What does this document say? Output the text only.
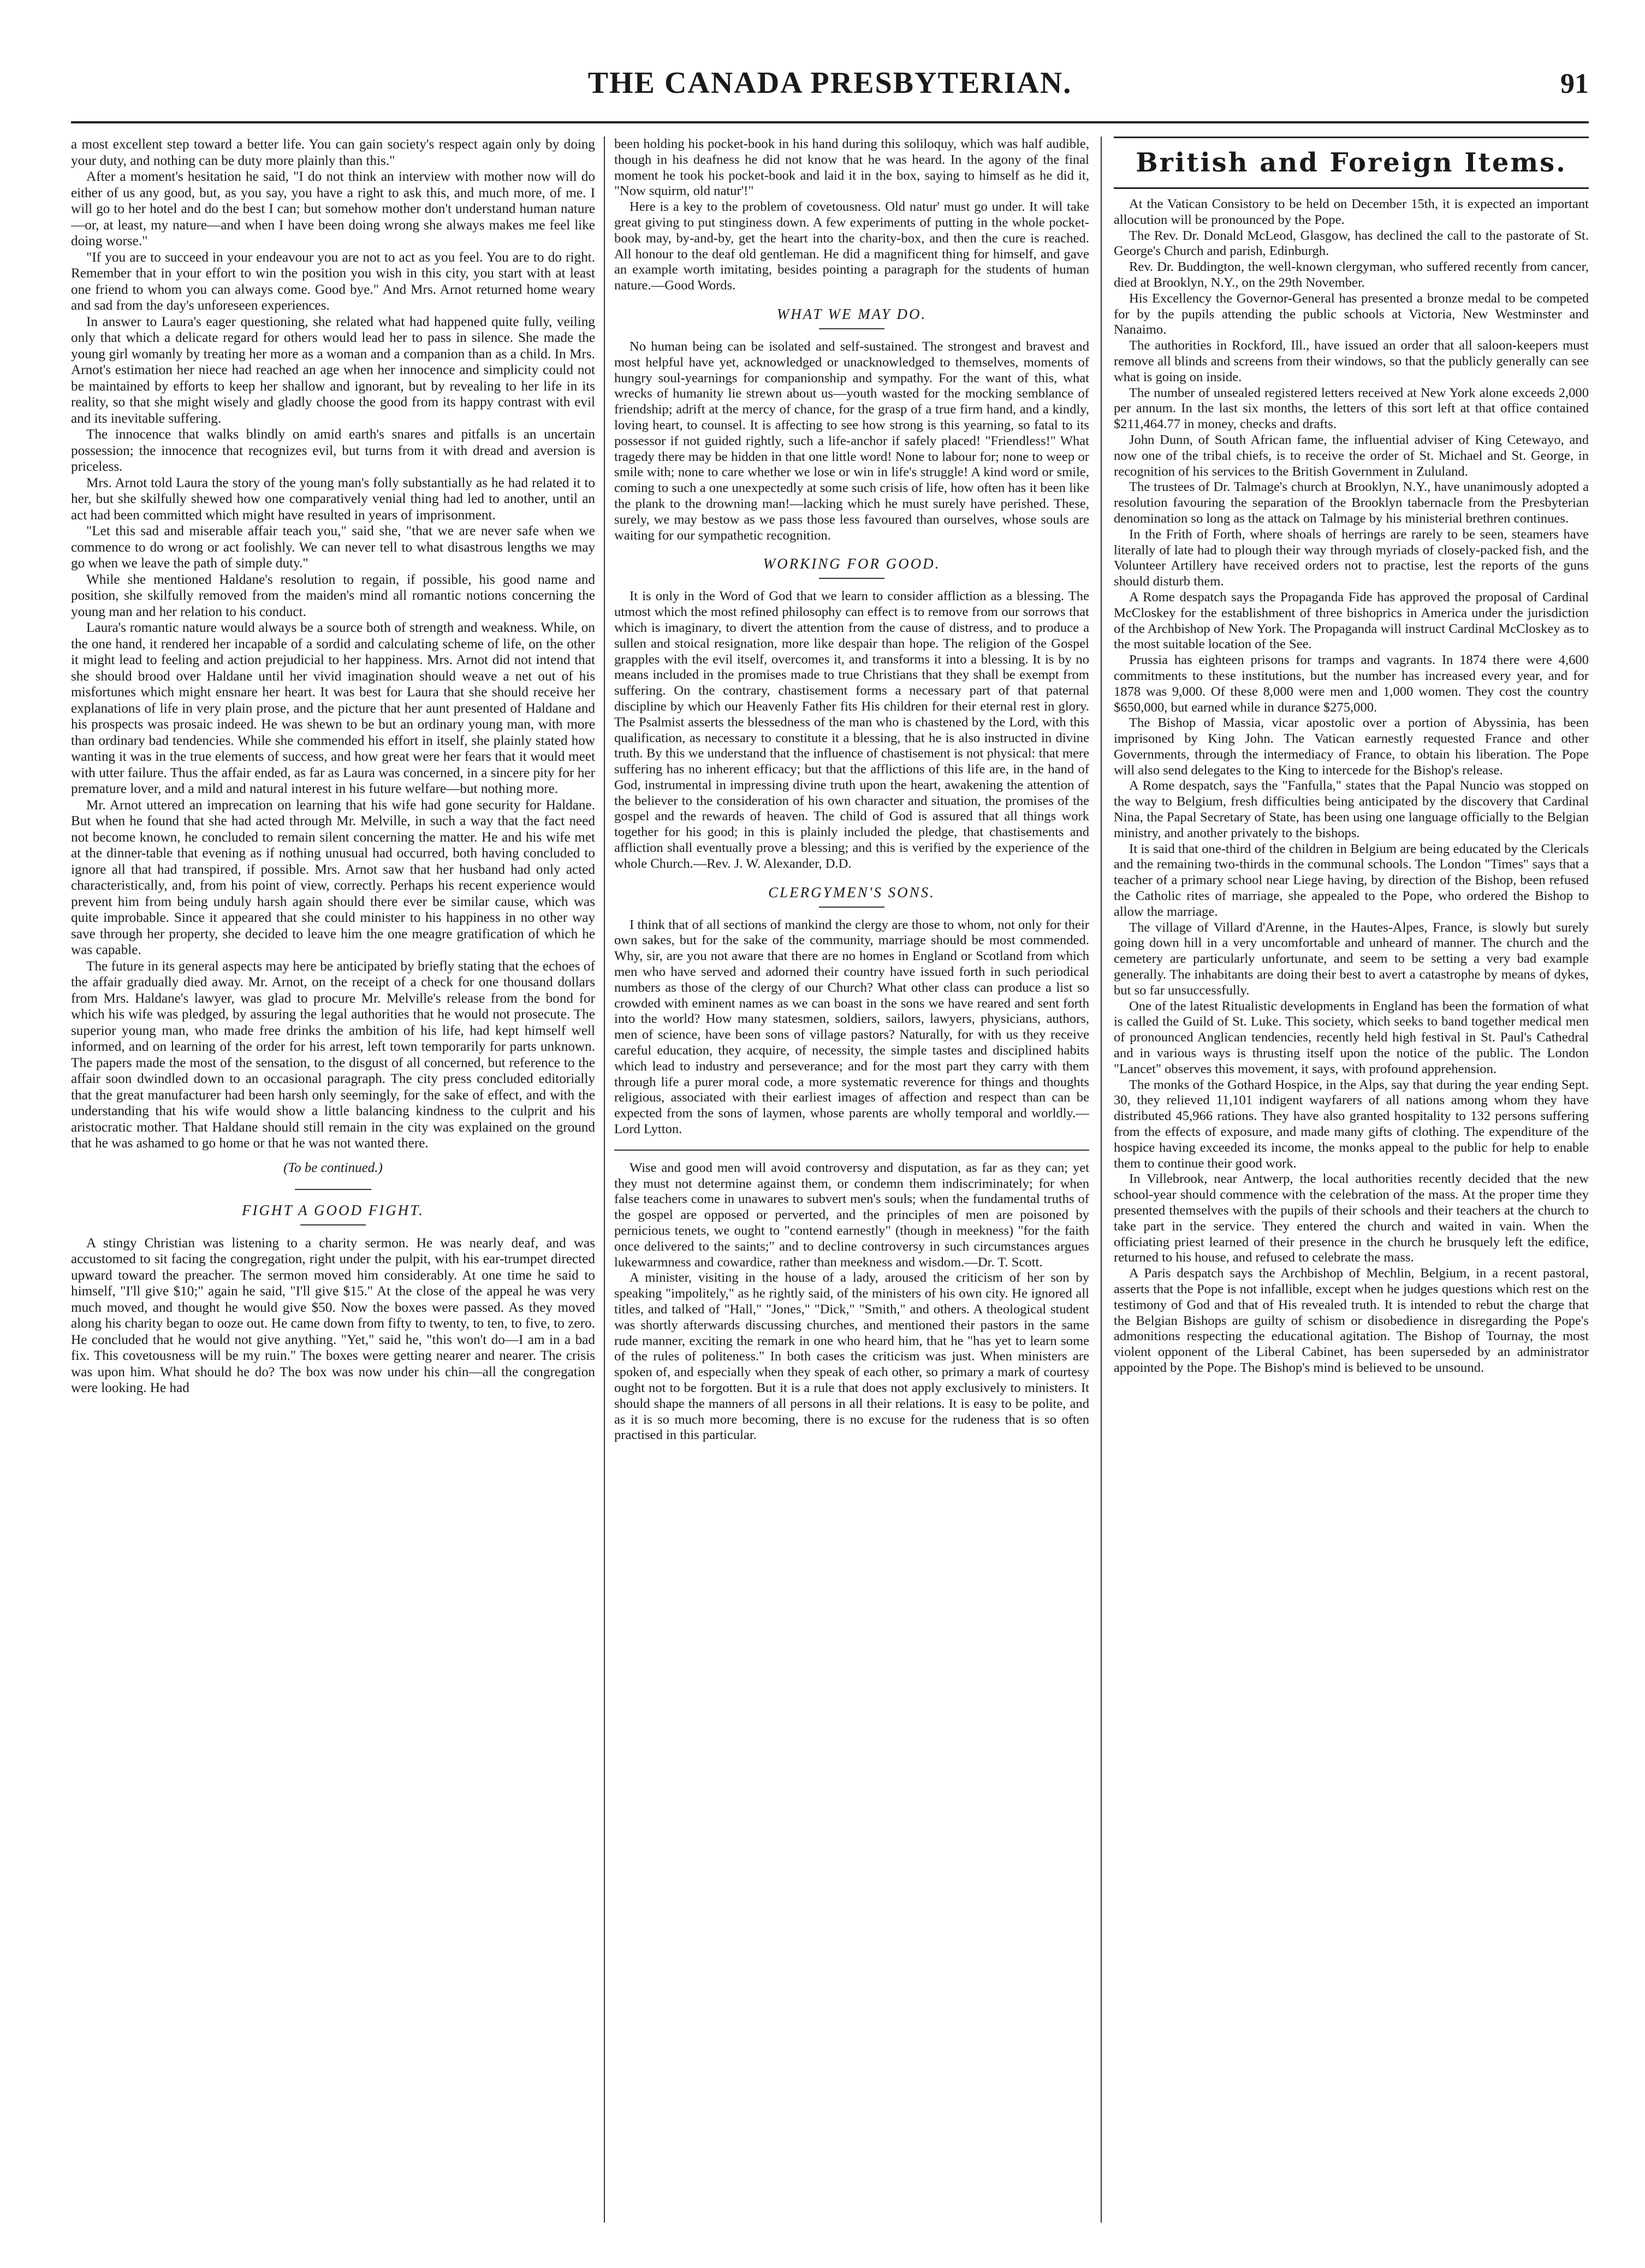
THE CANADA PRESBYTERIAN.	91

a most excellent step toward a better life. You can gain society's respect again only by doing your duty, and nothing can be duty more plainly than this."

After a moment's hesitation he said, "I do not think an interview with mother now will do either of us any good, but, as you say, you have a right to ask this, and much more, of me. I will go to her hotel and do the best I can; but somehow mother don't understand human nature—or, at least, my nature—and when I have been doing wrong she always makes me feel like doing worse."

"If you are to succeed in your endeavour you are not to act as you feel. You are to do right. Remember that in your effort to win the position you wish in this city, you start with at least one friend to whom you can always come. Good bye." And Mrs. Arnot returned home weary and sad from the day's unforeseen experiences.

In answer to Laura's eager questioning, she related what had happened quite fully, veiling only that which a delicate regard for others would lead her to pass in silence. She made the young girl womanly by treating her more as a woman and a companion than as a child. In Mrs. Arnot's estimation her niece had reached an age when her innocence and simplicity could not be maintained by efforts to keep her shallow and ignorant, but by revealing to her life in its reality, so that she might wisely and gladly choose the good from its happy contrast with evil and its inevitable suffering.

The innocence that walks blindly on amid earth's snares and pitfalls is an uncertain possession; the innocence that recognizes evil, but turns from it with dread and aversion is priceless.

Mrs. Arnot told Laura the story of the young man's folly substantially as he had related it to her, but she skilfully shewed how one comparatively venial thing had led to another, until an act had been committed which might have resulted in years of imprisonment.

"Let this sad and miserable affair teach you," said she, "that we are never safe when we commence to do wrong or act foolishly. We can never tell to what disastrous lengths we may go when we leave the path of simple duty."

While she mentioned Haldane's resolution to regain, if possible, his good name and position, she skilfully removed from the maiden's mind all romantic notions concerning the young man and her relation to his conduct.

Laura's romantic nature would always be a source both of strength and weakness. While, on the one hand, it rendered her incapable of a sordid and calculating scheme of life, on the other it might lead to feeling and action prejudicial to her happiness. Mrs. Arnot did not intend that she should brood over Haldane until her vivid imagination should weave a net out of his misfortunes which might ensnare her heart. It was best for Laura that she should receive her explanations of life in very plain prose, and the picture that her aunt presented of Haldane and his prospects was prosaic indeed. He was shewn to be but an ordinary young man, with more than ordinary bad tendencies. While she commended his effort in itself, she plainly stated how wanting it was in the true elements of success, and how great were her fears that it would meet with utter failure. Thus the affair ended, as far as Laura was concerned, in a sincere pity for her premature lover, and a mild and natural interest in his future welfare—but nothing more.

Mr. Arnot uttered an imprecation on learning that his wife had gone security for Haldane. But when he found that she had acted through Mr. Melville, in such a way that the fact need not become known, he concluded to remain silent concerning the matter. He and his wife met at the dinner-table that evening as if nothing unusual had occurred, both having concluded to ignore all that had transpired, if possible. Mrs. Arnot saw that her husband had only acted characteristically, and, from his point of view, correctly. Perhaps his recent experience would prevent him from being unduly harsh again should there ever be similar cause, which was quite improbable. Since it appeared that she could minister to his happiness in no other way save through her property, she decided to leave him the one meagre gratification of which he was capable.

The future in its general aspects may here be anticipated by briefly stating that the echoes of the affair gradually died away. Mr. Arnot, on the receipt of a check for one thousand dollars from Mrs. Haldane's lawyer, was glad to procure Mr. Melville's release from the bond for which his wife was pledged, by assuring the legal authorities that he would not prosecute. The superior young man, who made free drinks the ambition of his life, had kept himself well informed, and on learning of the order for his arrest, left town temporarily for parts unknown. The papers made the most of the sensation, to the disgust of all concerned, but reference to the affair soon dwindled down to an occasional paragraph. The city press concluded editorially that the great manufacturer had been harsh only seemingly, for the sake of effect, and with the understanding that his wife would show a little balancing kindness to the culprit and his aristocratic mother. That Haldane should still remain in the city was explained on the ground that he was ashamed to go home or that he was not wanted there.

(To be continued.)
FIGHT A GOOD FIGHT.

A stingy Christian was listening to a charity sermon. He was nearly deaf, and was accustomed to sit facing the congregation, right under the pulpit, with his ear-trumpet directed upward toward the preacher. The sermon moved him considerably. At one time he said to himself, "I'll give $10;" again he said, "I'll give $15." At the close of the appeal he was very much moved, and thought he would give $50. Now the boxes were passed. As they moved along his charity began to ooze out. He came down from fifty to twenty, to ten, to five, to zero. He concluded that he would not give anything. "Yet," said he, "this won't do—I am in a bad fix. This covetousness will be my ruin." The boxes were getting nearer and nearer. The crisis was upon him. What should he do? The box was now under his chin—all the congregation were looking. He had

been holding his pocket-book in his hand during this soliloquy, which was half audible, though in his deafness he did not know that he was heard. In the agony of the final moment he took his pocket-book and laid it in the box, saying to himself as he did it, "Now squirm, old natur'!"

Here is a key to the problem of covetousness. Old natur' must go under. It will take great giving to put stinginess down. A few experiments of putting in the whole pocket-book may, by-and-by, get the heart into the charity-box, and then the cure is reached. All honour to the deaf old gentleman. He did a magnificent thing for himself, and gave an example worth imitating, besides pointing a paragraph for the students of human nature.—Good Words.

WHAT WE MAY DO.

No human being can be isolated and self-sustained. The strongest and bravest and most helpful have yet, acknowledged or unacknowledged to themselves, moments of hungry soul-yearnings for companionship and sympathy. For the want of this, what wrecks of humanity lie strewn about us—youth wasted for the mocking semblance of friendship; adrift at the mercy of chance, for the grasp of a true firm hand, and a kindly, loving heart, to counsel. It is affecting to see how strong is this yearning, so fatal to its possessor if not guided rightly, such a life-anchor if safely placed! "Friendless!" What tragedy there may be hidden in that one little word! None to labour for; none to weep or smile with; none to care whether we lose or win in life's struggle! A kind word or smile, coming to such a one unexpectedly at some such crisis of life, how often has it been like the plank to the drowning man!—lacking which he must surely have perished. These, surely, we may bestow as we pass those less favoured than ourselves, whose souls are waiting for our sympathetic recognition.

WORKING FOR GOOD.

It is only in the Word of God that we learn to consider affliction as a blessing. The utmost which the most refined philosophy can effect is to remove from our sorrows that which is imaginary, to divert the attention from the cause of distress, and to produce a sullen and stoical resignation, more like despair than hope. The religion of the Gospel grapples with the evil itself, overcomes it, and transforms it into a blessing. It is by no means included in the promises made to true Christians that they shall be exempt from suffering. On the contrary, chastisement forms a necessary part of that paternal discipline by which our Heavenly Father fits His children for their eternal rest in glory. The Psalmist asserts the blessedness of the man who is chastened by the Lord, with this qualification, as necessary to constitute it a blessing, that he is also instructed in divine truth. By this we understand that the influence of chastisement is not physical: that mere suffering has no inherent efficacy; but that the afflictions of this life are, in the hand of God, instrumental in impressing divine truth upon the heart, awakening the attention of the believer to the consideration of his own character and situation, the promises of the gospel and the rewards of heaven. The child of God is assured that all things work together for his good; in this is plainly included the pledge, that chastisements and affliction shall eventually prove a blessing; and this is verified by the experience of the whole Church.—Rev. J. W. Alexander, D.D.

CLERGYMEN'S SONS.

I think that of all sections of mankind the clergy are those to whom, not only for their own sakes, but for the sake of the community, marriage should be most commended. Why, sir, are you not aware that there are no homes in England or Scotland from which men who have served and adorned their country have issued forth in such periodical numbers as those of the clergy of our Church? What other class can produce a list so crowded with eminent names as we can boast in the sons we have reared and sent forth into the world? How many statesmen, soldiers, sailors, lawyers, physicians, authors, men of science, have been sons of village pastors? Naturally, for with us they receive careful education, they acquire, of necessity, the simple tastes and disciplined habits which lead to industry and perseverance; and for the most part they carry with them through life a purer moral code, a more systematic reverence for things and thoughts religious, associated with their earliest images of affection and respect than can be expected from the sons of laymen, whose parents are wholly temporal and worldly.—Lord Lytton.

Wise and good men will avoid controversy and disputation, as far as they can; yet they must not determine against them, or condemn them indiscriminately; for when false teachers come in unawares to subvert men's souls; when the fundamental truths of the gospel are opposed or perverted, and the principles of men are poisoned by pernicious tenets, we ought to "contend earnestly" (though in meekness) "for the faith once delivered to the saints;" and to decline controversy in such circumstances argues lukewarmness and cowardice, rather than meekness and wisdom.—Dr. T. Scott.

A minister, visiting in the house of a lady, aroused the criticism of her son by speaking "impolitely," as he rightly said, of the ministers of his own city. He ignored all titles, and talked of "Hall," "Jones," "Dick," "Smith," and others. A theological student was shortly afterwards discussing churches, and mentioned their pastors in the same rude manner, exciting the remark in one who heard him, that he "has yet to learn some of the rules of politeness." In both cases the criticism was just. When ministers are spoken of, and especially when they speak of each other, so primary a mark of courtesy ought not to be forgotten. But it is a rule that does not apply exclusively to ministers. It should shape the manners of all persons in all their relations. It is easy to be polite, and as it is so much more becoming, there is no excuse for the rudeness that is so often practised in this particular.

British and Foreign Items.

At the Vatican Consistory to be held on December 15th, it is expected an important allocution will be pronounced by the Pope.

The Rev. Dr. Donald McLeod, Glasgow, has declined the call to the pastorate of St. George's Church and parish, Edinburgh.

Rev. Dr. Buddington, the well-known clergyman, who suffered recently from cancer, died at Brooklyn, N.Y., on the 29th November.

His Excellency the Governor-General has presented a bronze medal to be competed for by the pupils attending the public schools at Victoria, New Westminster and Nanaimo.

The authorities in Rockford, Ill., have issued an order that all saloon-keepers must remove all blinds and screens from their windows, so that the publicly generally can see what is going on inside.

The number of unsealed registered letters received at New York alone exceeds 2,000 per annum. In the last six months, the letters of this sort left at that office contained $211,464.77 in money, checks and drafts.

John Dunn, of South African fame, the influential adviser of King Cetewayo, and now one of the tribal chiefs, is to receive the order of St. Michael and St. George, in recognition of his services to the British Government in Zululand.

The trustees of Dr. Talmage's church at Brooklyn, N.Y., have unanimously adopted a resolution favouring the separation of the Brooklyn tabernacle from the Presbyterian denomination so long as the attack on Talmage by his ministerial brethren continues.

In the Frith of Forth, where shoals of herrings are rarely to be seen, steamers have literally of late had to plough their way through myriads of closely-packed fish, and the Volunteer Artillery have received orders not to practise, lest the reports of the guns should disturb them.

A Rome despatch says the Propaganda Fide has approved the proposal of Cardinal McCloskey for the establishment of three bishoprics in America under the jurisdiction of the Archbishop of New York. The Propaganda will instruct Cardinal McCloskey as to the most suitable location of the See.

Prussia has eighteen prisons for tramps and vagrants. In 1874 there were 4,600 commitments to these institutions, but the number has increased every year, and for 1878 was 9,000. Of these 8,000 were men and 1,000 women. They cost the country $650,000, but earned while in durance $275,000.

The Bishop of Massia, vicar apostolic over a portion of Abyssinia, has been imprisoned by King John. The Vatican earnestly requested France and other Governments, through the intermediacy of France, to obtain his liberation. The Pope will also send delegates to the King to intercede for the Bishop's release.

A Rome despatch, says the "Fanfulla," states that the Papal Nuncio was stopped on the way to Belgium, fresh difficulties being anticipated by the discovery that Cardinal Nina, the Papal Secretary of State, has been using one language officially to the Belgian ministry, and another privately to the bishops.

It is said that one-third of the children in Belgium are being educated by the Clericals and the remaining two-thirds in the communal schools. The London "Times" says that a teacher of a primary school near Liege having, by direction of the Bishop, been refused the Catholic rites of marriage, she appealed to the Pope, who ordered the Bishop to allow the marriage.

The village of Villard d'Arenne, in the Hautes-Alpes, France, is slowly but surely going down hill in a very uncomfortable and unheard of manner. The church and the cemetery are particularly unfortunate, and seem to be setting a very bad example generally. The inhabitants are doing their best to avert a catastrophe by means of dykes, but so far unsuccessfully.

One of the latest Ritualistic developments in England has been the formation of what is called the Guild of St. Luke. This society, which seeks to band together medical men of pronounced Anglican tendencies, recently held high festival in St. Paul's Cathedral and in various ways is thrusting itself upon the notice of the public. The London "Lancet" observes this movement, it says, with profound apprehension.

The monks of the Gothard Hospice, in the Alps, say that during the year ending Sept. 30, they relieved 11,101 indigent wayfarers of all nations among whom they have distributed 45,966 rations. They have also granted hospitality to 132 persons suffering from the effects of exposure, and made many gifts of clothing. The expenditure of the hospice having exceeded its income, the monks appeal to the public for help to enable them to continue their good work.

In Villebrook, near Antwerp, the local authorities recently decided that the new school-year should commence with the celebration of the mass. At the proper time they presented themselves with the pupils of their schools and their teachers at the church to take part in the service. They entered the church and waited in vain. When the officiating priest learned of their presence in the church he brusquely left the edifice, returned to his house, and refused to celebrate the mass.

A Paris despatch says the Archbishop of Mechlin, Belgium, in a recent pastoral, asserts that the Pope is not infallible, except when he judges questions which rest on the testimony of God and that of His revealed truth. It is intended to rebut the charge that the Belgian Bishops are guilty of schism or disobedience in disregarding the Pope's admonitions respecting the educational agitation. The Bishop of Tournay, the most violent opponent of the Liberal Cabinet, has been superseded by an administrator appointed by the Pope. The Bishop's mind is believed to be unsound.
